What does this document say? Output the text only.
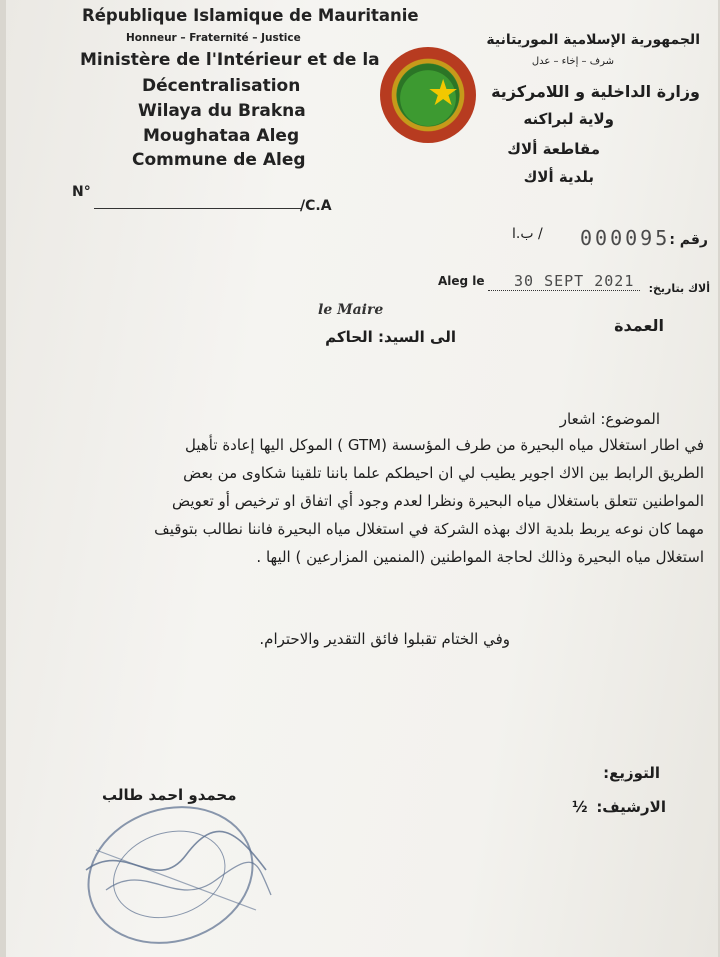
République Islamique de Mauritanie
Honneur – Fraternité – Justice
Ministère de l'Intérieur et de la
Décentralisation
Wilaya du Brakna
Moughataa Aleg
Commune de Aleg
N°
/C.A
★
الجمهورية الإسلامية الموريتانية
شرف – إخاء – عدل
وزارة الداخلية و اللامركزية
ولاية لبراكنه
مقاطعة ألاك
بلدية ألاك
رقم :
000095
/ ب.ا
Aleg le 30 SEPT 2021 ألاك بتاريخ:
le Maire
العمدة
الى السيد: الحاكم
الموضوع: اشعار
في اطار استغلال مياه البحيرة من طرف المؤسسة (GTM ) الموكل اليها إعادة تأهيل
الطريق الرابط بين الاك اجوير يطيب لي ان احيطكم علما باننا تلقينا شكاوى من بعض
المواطنين تتعلق باستغلال مياه البحيرة ونظرا لعدم وجود أي اتفاق او ترخيص أو تعويض
مهما كان نوعه يربط بلدية الاك بهذه الشركة في استغلال مياه البحيرة فاننا نطالب بتوقيف
استغلال مياه البحيرة وذالك لحاجة المواطنين (المنمين المزارعين ) اليها .
وفي الختام تقبلوا فائق التقدير والاحترام.
التوزيع:
الارشيف:
½
محمدو احمد طالب
